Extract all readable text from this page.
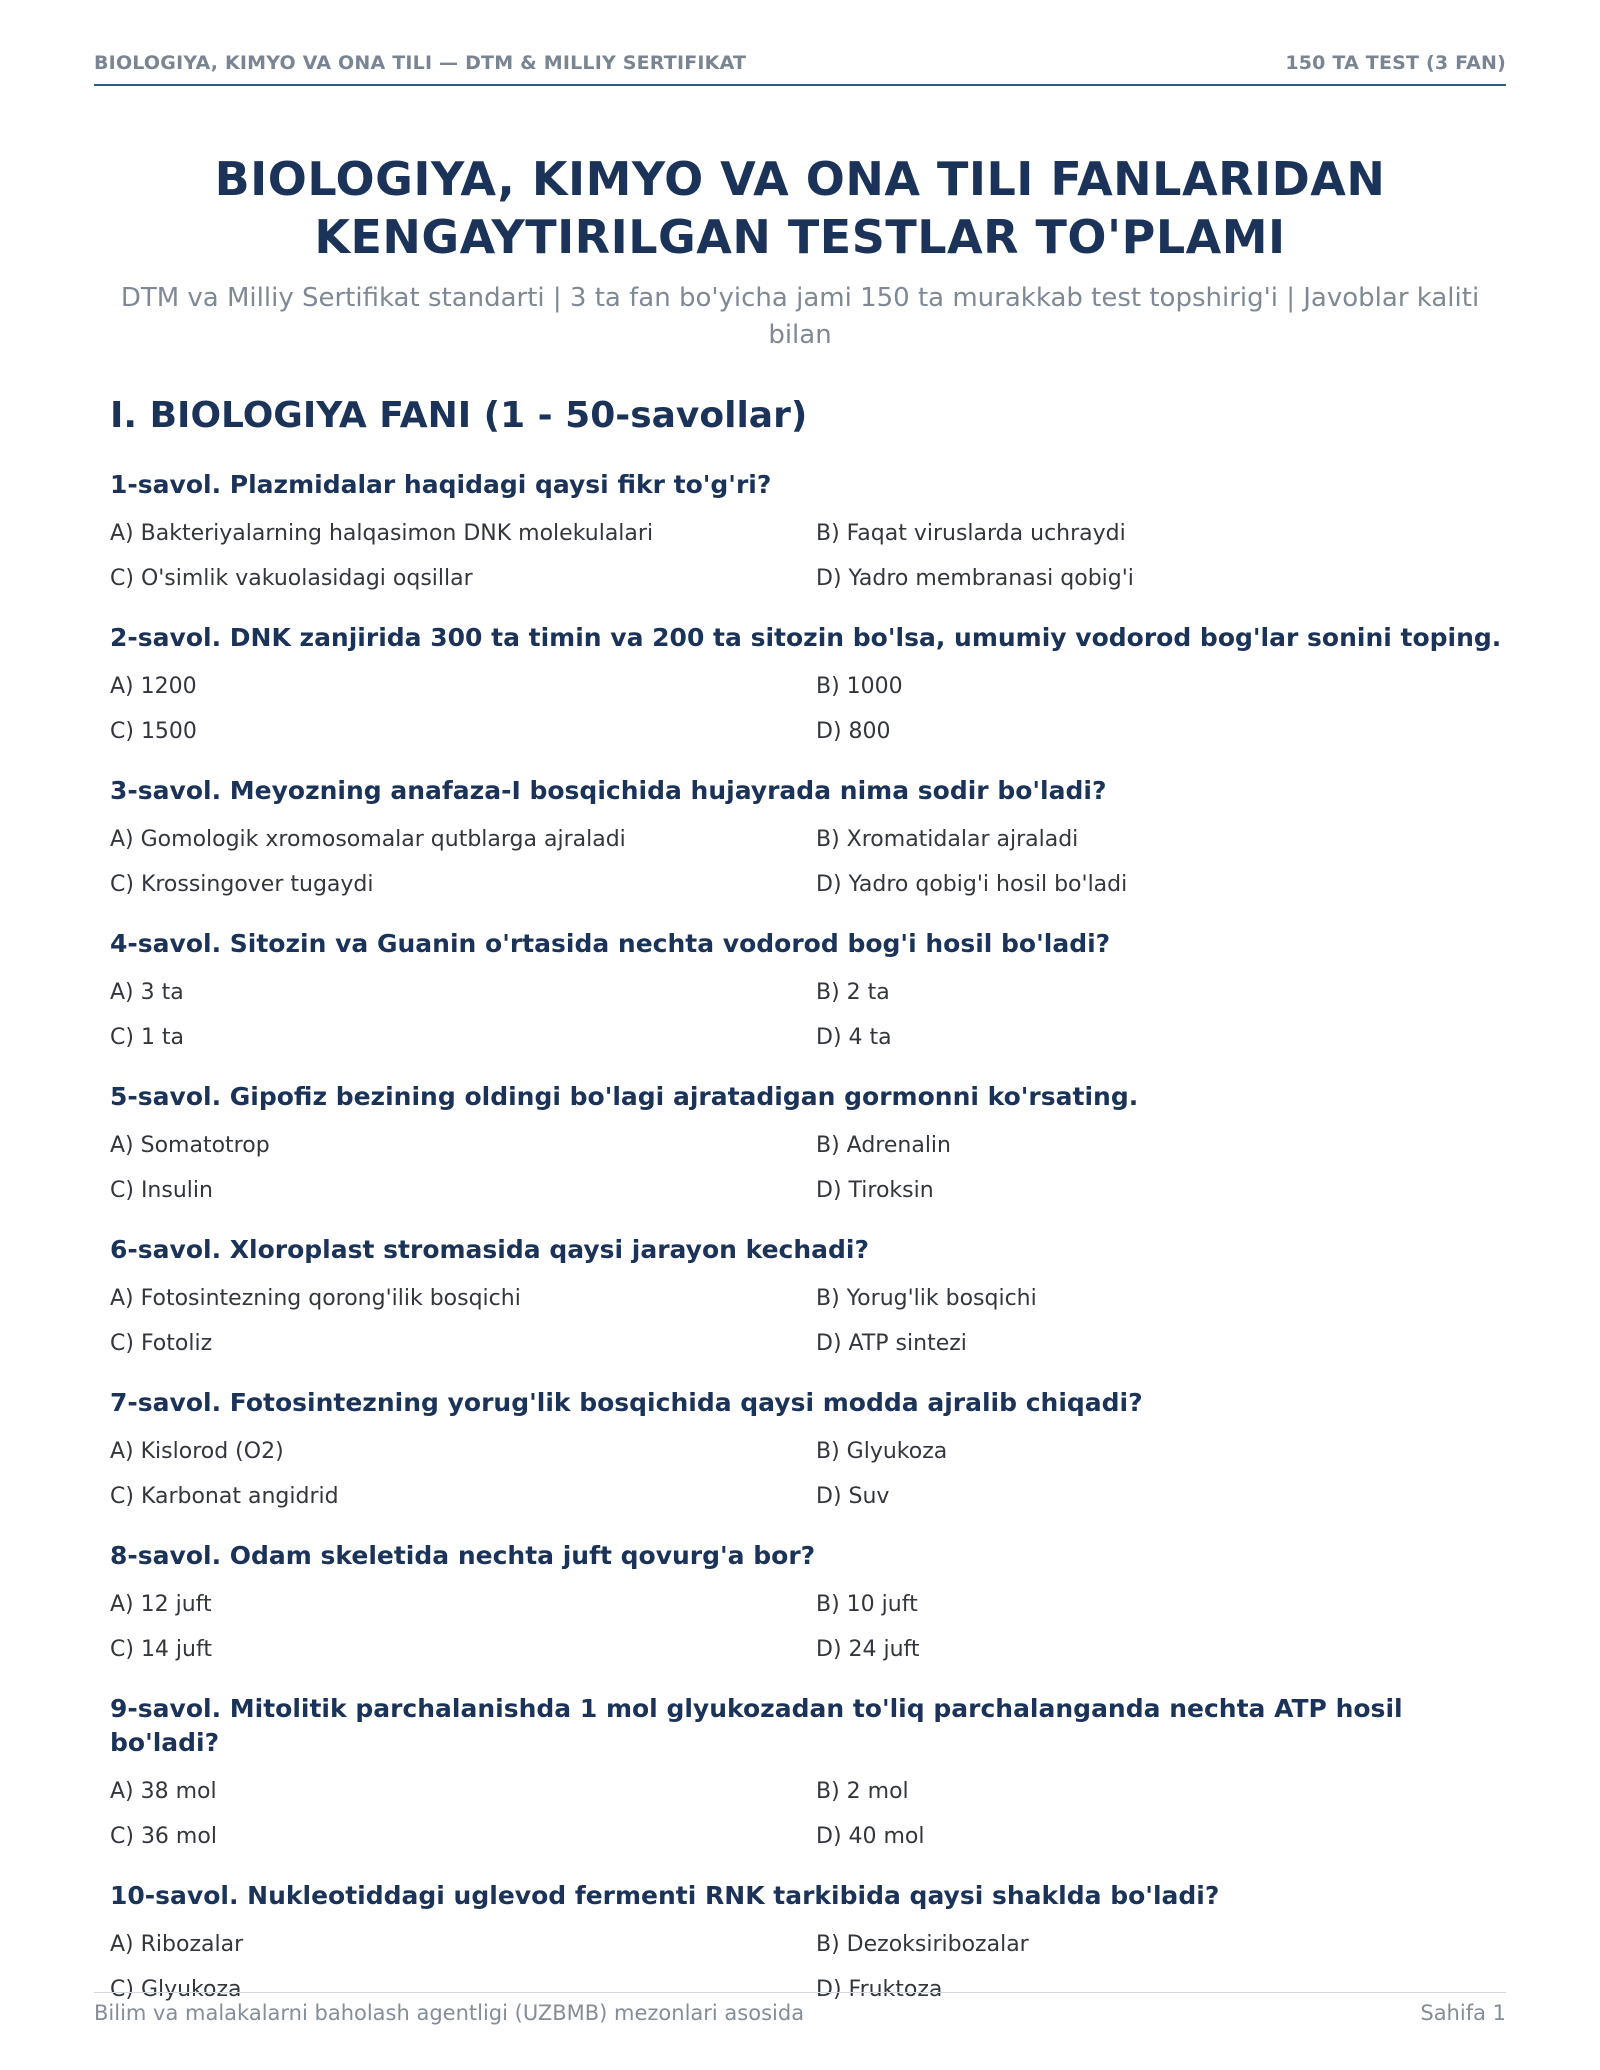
BIOLOGIYA, KIMYO VA ONA TILI — DTM & MILLIY SERTIFIKAT	150 TA TEST (3 FAN)
BIOLOGIYA, KIMYO VA ONA TILI FANLARIDAN
KENGAYTIRILGAN TESTLAR TO'PLAMI

DTM va Milliy Sertifikat standarti | 3 ta fan bo'yicha jami 150 ta murakkab test topshirig'i | Javoblar kaliti bilan

I. BIOLOGIYA FANI (1 - 50-savollar)

1-savol. Plazmidalar haqidagi qaysi fikr to'g'ri?

A) Bakteriyalarning halqasimon DNK molekulalari	B) Faqat viruslarda uchraydi
C) O'simlik vakuolasidagi oqsillar	D) Yadro membranasi qobig'i

2-savol. DNK zanjirida 300 ta timin va 200 ta sitozin bo'lsa, umumiy vodorod bog'lar sonini toping.

A) 1200	B) 1000
C) 1500	D) 800

3-savol. Meyozning anafaza-I bosqichida hujayrada nima sodir bo'ladi?

A) Gomologik xromosomalar qutblarga ajraladi	B) Xromatidalar ajraladi
C) Krossingover tugaydi	D) Yadro qobig'i hosil bo'ladi

4-savol. Sitozin va Guanin o'rtasida nechta vodorod bog'i hosil bo'ladi?

A) 3 ta	B) 2 ta
C) 1 ta	D) 4 ta

5-savol. Gipofiz bezining oldingi bo'lagi ajratadigan gormonni ko'rsating.

A) Somatotrop	B) Adrenalin
C) Insulin	D) Tiroksin

6-savol. Xloroplast stromasida qaysi jarayon kechadi?

A) Fotosintezning qorong'ilik bosqichi	B) Yorug'lik bosqichi
C) Fotoliz	D) ATP sintezi

7-savol. Fotosintezning yorug'lik bosqichida qaysi modda ajralib chiqadi?

A) Kislorod (O2)	B) Glyukoza
C) Karbonat angidrid	D) Suv

8-savol. Odam skeletida nechta juft qovurg'a bor?

A) 12 juft	B) 10 juft
C) 14 juft	D) 24 juft

9-savol. Mitolitik parchalanishda 1 mol glyukozadan to'liq parchalanganda nechta ATP hosil bo'ladi?

A) 38 mol	B) 2 mol
C) 36 mol	D) 40 mol

10-savol. Nukleotiddagi uglevod fermenti RNK tarkibida qaysi shaklda bo'ladi?

A) Ribozalar	B) Dezoksiribozalar
C) Glyukoza	D) Fruktoza
Bilim va malakalarni baholash agentligi (UZBMB) mezonlari asosida	Sahifa 1
